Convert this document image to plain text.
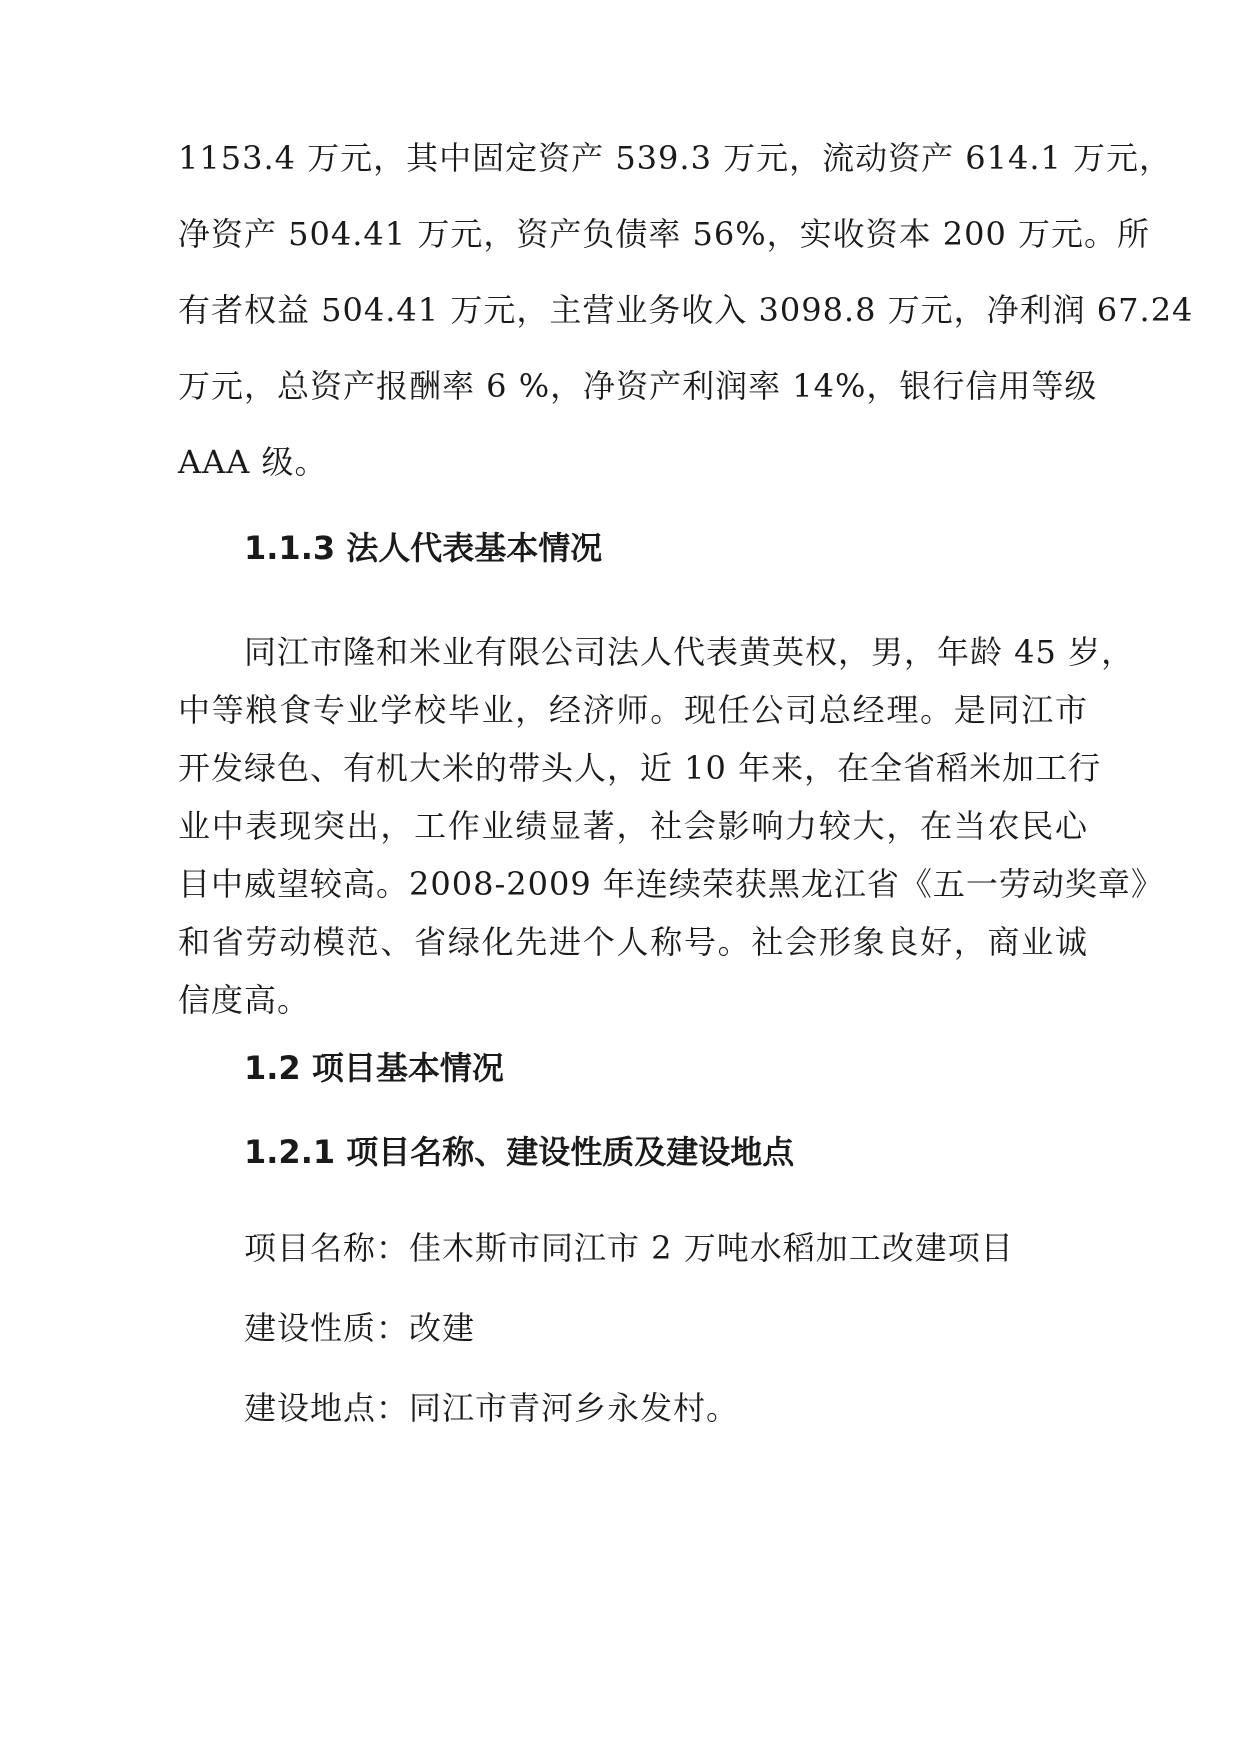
1153.4 万元，其中固定资产 539.3 万元，流动资产 614.1 万元，
净资产 504.41 万元，资产负债率 56%，实收资本 200 万元。所
有者权益 504.41 万元，主营业务收入 3098.8 万元，净利润 67.24
万元，总资产报酬率 6 %，净资产利润率 14%，银行信用等级
AAA 级。
1.1.3 法人代表基本情况
同江市隆和米业有限公司法人代表黄英权，男，年龄 45 岁，
中等粮食专业学校毕业，经济师。现任公司总经理。是同江市
开发绿色、有机大米的带头人，近 10 年来，在全省稻米加工行
业中表现突出，工作业绩显著，社会影响力较大，在当农民心
目中威望较高。2008-2009 年连续荣获黑龙江省《五一劳动奖章》
和省劳动模范、省绿化先进个人称号。社会形象良好，商业诚
信度高。
1.2 项目基本情况
1.2.1 项目名称、建设性质及建设地点
项目名称：佳木斯市同江市 2 万吨水稻加工改建项目
建设性质：改建
建设地点：同江市青河乡永发村。
